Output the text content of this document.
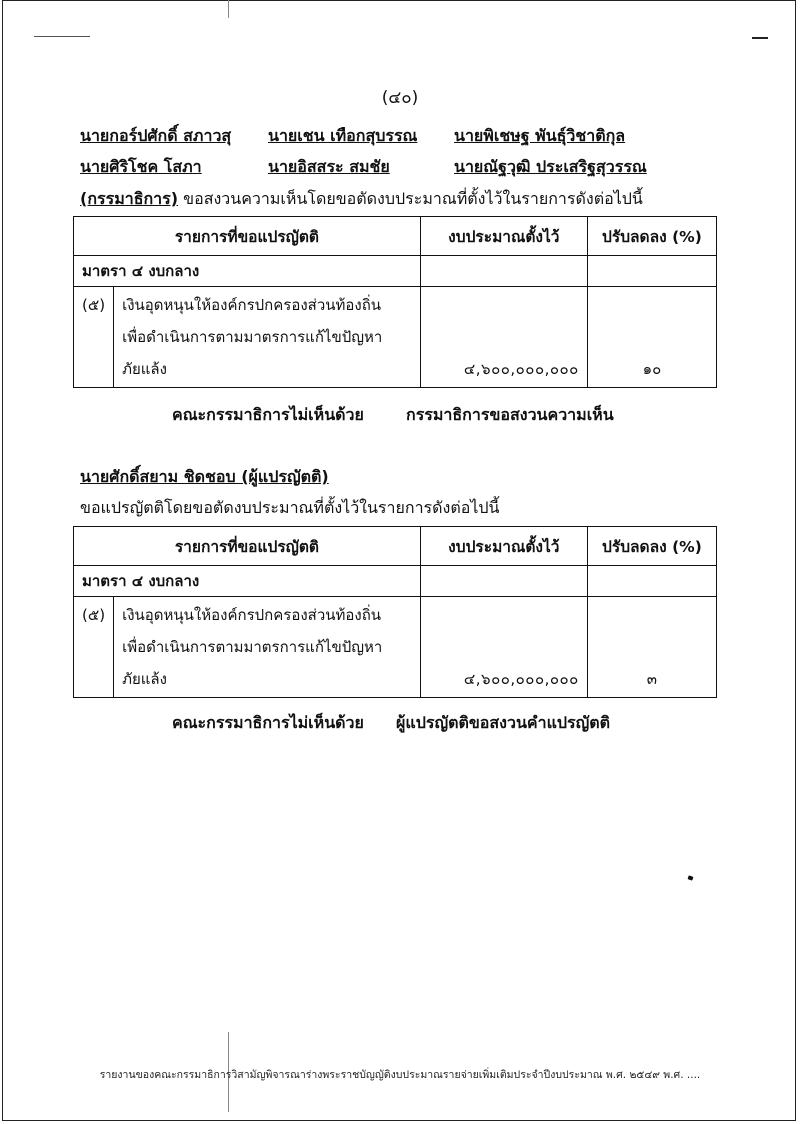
(๔๐)
นายกอร์ปศักดิ์ สภาวสุ นายเชน เทือกสุบรรณ นายพิเชษฐ พันธุ์วิชาติกุล
นายศิริโชค โสภา	นายอิสสระ สมชัย	นายณัฐวุฒิ ประเสริฐสุวรรณ
(กรรมาธิการ) ขอสงวนความเห็นโดยขอตัดงบประมาณที่ตั้งไว้ในรายการดังต่อไปนี้
รายการที่ขอแปรญัตติ		งบประมาณตั้งไว้	ปรับลดลง (%)
มาตรา ๔ งบกลาง			
(๕)	เงินอุดหนุนให้องค์กรปกครองส่วนท้องถิ่น
เพื่อดำเนินการตามมาตรการแก้ไขปัญหา
ภัยแล้ง	๔,๖๐๐,๐๐๐,๐๐๐	๑๐
คณะกรรมาธิการไม่เห็นด้วย	กรรมาธิการขอสงวนความเห็น
นายศักดิ์สยาม ชิดชอบ (ผู้แปรญัตติ)
ขอแปรญัตติโดยขอตัดงบประมาณที่ตั้งไว้ในรายการดังต่อไปนี้
รายการที่ขอแปรญัตติ		งบประมาณตั้งไว้	ปรับลดลง (%)
มาตรา ๔ งบกลาง			
(๕)	เงินอุดหนุนให้องค์กรปกครองส่วนท้องถิ่น
เพื่อดำเนินการตามมาตรการแก้ไขปัญหา
ภัยแล้ง	๔,๖๐๐,๐๐๐,๐๐๐	๓
คณะกรรมาธิการไม่เห็นด้วย ผู้แปรญัตติขอสงวนคำแปรญัตติ
รายงานของคณะกรรมาธิการวิสามัญพิจารณาร่างพระราชบัญญัติงบประมาณรายจ่ายเพิ่มเติมประจำปีงบประมาณ พ.ศ. ๒๕๔๙ พ.ศ. ....
